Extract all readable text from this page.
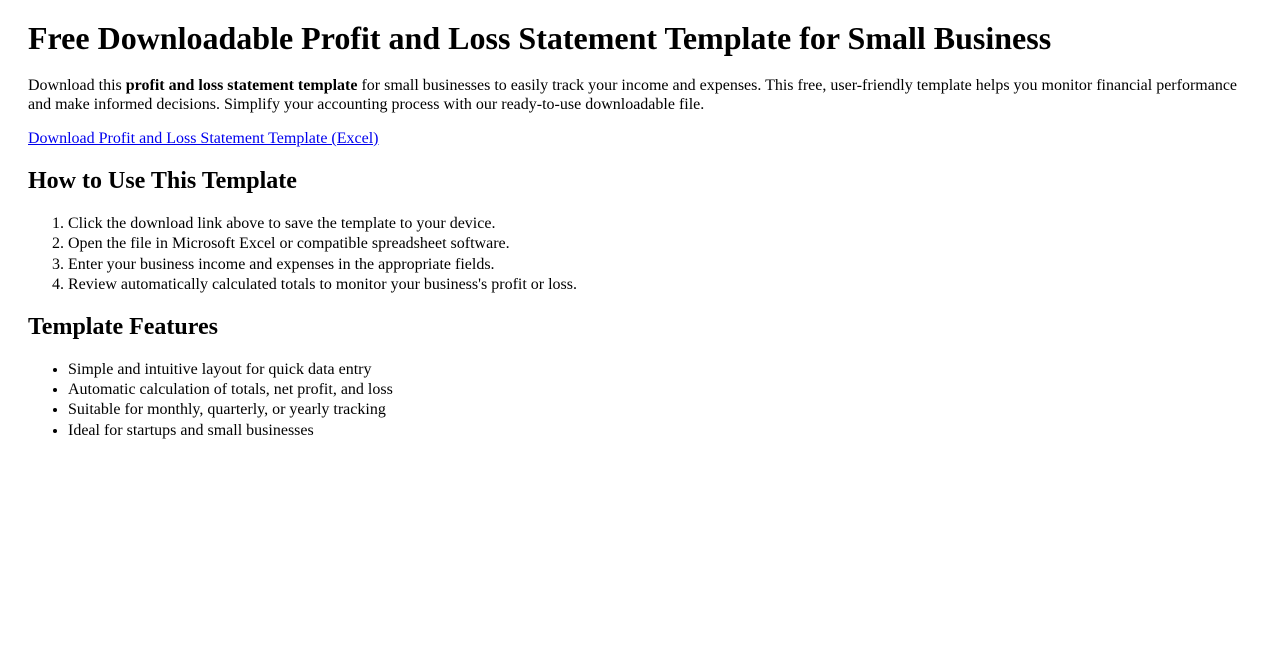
Free Downloadable Profit and Loss Statement Template for Small Business

Download this profit and loss statement template for small businesses to easily track your income and expenses. This free, user-friendly template helps you monitor financial performance and make informed decisions. Simplify your accounting process with our ready-to-use downloadable file.

Download Profit and Loss Statement Template (Excel)

How to Use This Template
1. Click the download link above to save the template to your device.
2. Open the file in Microsoft Excel or compatible spreadsheet software.
3. Enter your business income and expenses in the appropriate fields.
4. Review automatically calculated totals to monitor your business's profit or loss.
Template Features
• Simple and intuitive layout for quick data entry
• Automatic calculation of totals, net profit, and loss
• Suitable for monthly, quarterly, or yearly tracking
• Ideal for startups and small businesses
